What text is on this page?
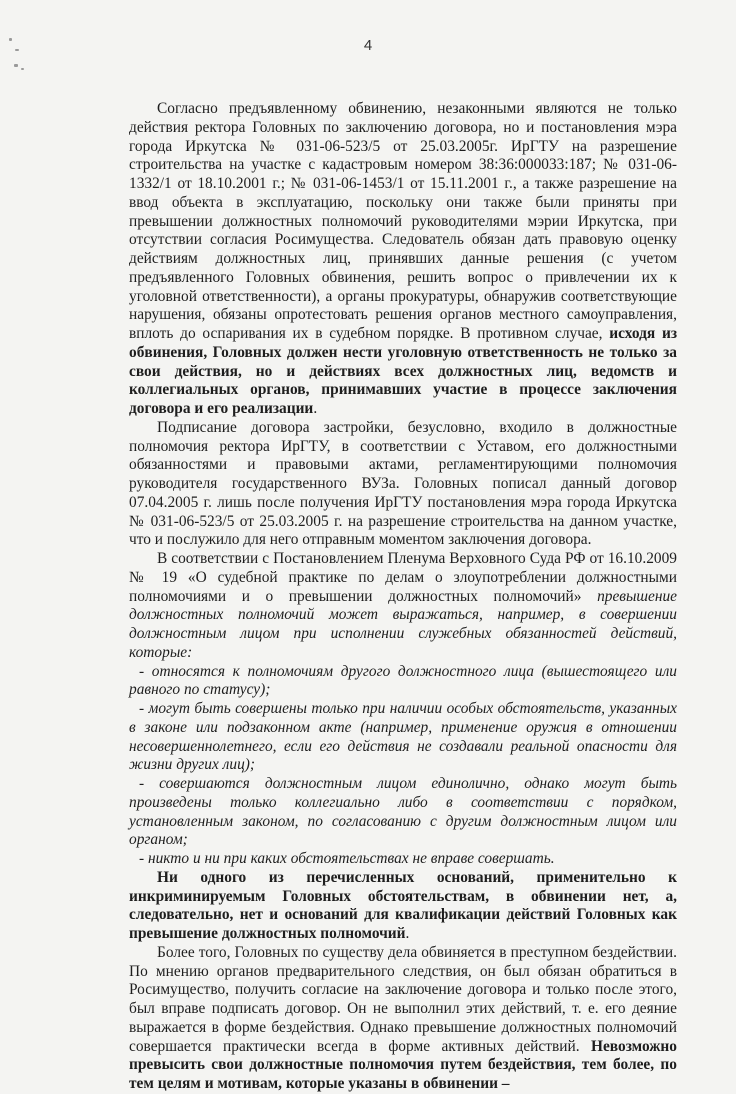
4

Согласно предъявленному обвинению, незаконными являются не только действия ректора Головных по заключению договора, но и постановления мэра города Иркутска № 031-06-523/5 от 25.03.2005г. ИрГТУ на разрешение строительства на участке с кадастровым номером 38:36:000033:187; № 031-06-1332/1 от 18.10.2001 г.; № 031-06-1453/1 от 15.11.2001 г., а также разрешение на ввод объекта в эксплуатацию, поскольку они также были приняты при превышении должностных полномочий руководителями мэрии Иркутска, при отсутствии согласия Росимущества. Следователь обязан дать правовую оценку действиям должностных лиц, принявших данные решения (с учетом предъявленного Головных обвинения, решить вопрос о привлечении их к уголовной ответственности), а органы прокуратуры, обнаружив соответствующие нарушения, обязаны опротестовать решения органов местного самоуправления, вплоть до оспаривания их в судебном порядке. В противном случае, исходя из обвинения, Головных должен нести уголовную ответственность не только за свои действия, но и действиях всех должностных лиц, ведомств и коллегиальных органов, принимавших участие в процессе заключения договора и его реализации.

Подписание договора застройки, безусловно, входило в должностные полномочия ректора ИрГТУ, в соответствии с Уставом, его должностными обязанностями и правовыми актами, регламентирующими полномочия руководителя государственного ВУЗа. Головных пописал данный договор 07.04.2005 г. лишь после получения ИрГТУ постановления мэра города Иркутска № 031-06-523/5 от 25.03.2005 г. на разрешение строительства на данном участке, что и послужило для него отправным моментом заключения договора.

В соответствии с Постановлением Пленума Верховного Суда РФ от 16.10.2009 № 19 «О судебной практике по делам о злоупотреблении должностными полномочиями и о превышении должностных полномочий» превышение должностных полномочий может выражаться, например, в совершении должностным лицом при исполнении служебных обязанностей действий, которые:

- относятся к полномочиям другого должностного лица (вышестоящего или равного по статусу);

- могут быть совершены только при наличии особых обстоятельств, указанных в законе или подзаконном акте (например, применение оружия в отношении несовершеннолетнего, если его действия не создавали реальной опасности для жизни других лиц);

- совершаются должностным лицом единолично, однако могут быть произведены только коллегиально либо в соответствии с порядком, установленным законом, по согласованию с другим должностным лицом или органом;

- никто и ни при каких обстоятельствах не вправе совершать.

Ни одного из перечисленных оснований, применительно к инкриминируемым Головных обстоятельствам, в обвинении нет, а, следовательно, нет и оснований для квалификации действий Головных как превышение должностных полномочий.

Более того, Головных по существу дела обвиняется в преступном бездействии. По мнению органов предварительного следствия, он был обязан обратиться в Росимущество, получить согласие на заключение договора и только после этого, был вправе подписать договор. Он не выполнил этих действий, т. е. его деяние выражается в форме бездействия. Однако превышение должностных полномочий совершается практически всегда в форме активных действий. Невозможно превысить свои должностные полномочия путем бездействия, тем более, по тем целям и мотивам, которые указаны в обвинении –
